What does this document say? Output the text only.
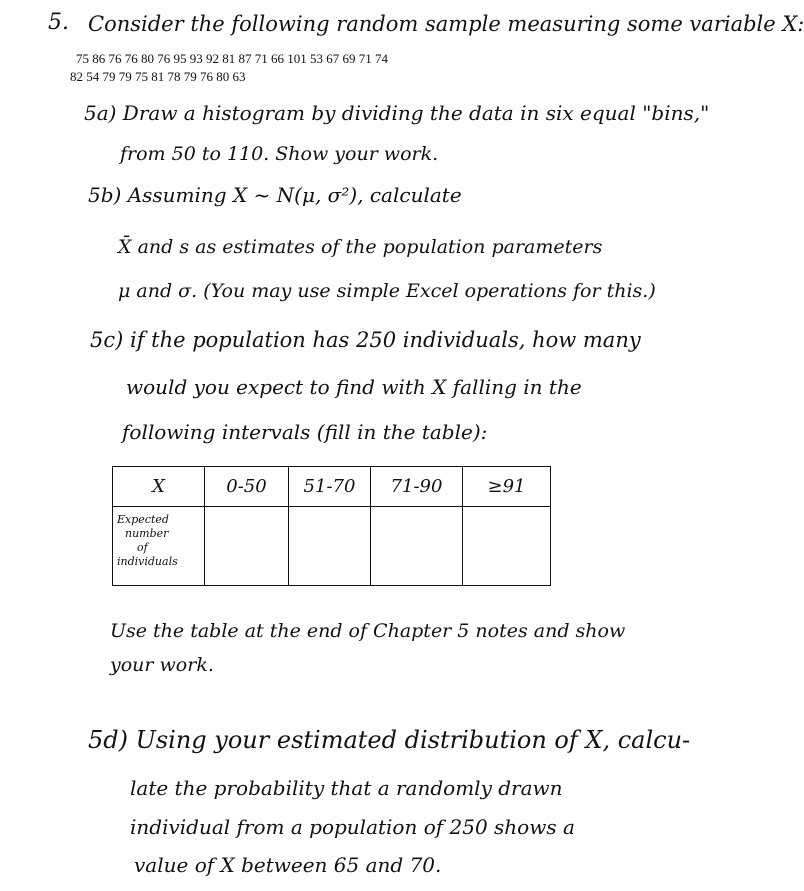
5. Consider the following random sample measuring some variable X:
75 86 76 76 80 76 95 93 92 81 87 71 66 101 53 67 69 71 74
82 54 79 79 75 81 78 79 76 80 63
5a) Draw a histogram by dividing the data in six equal "bins,"
from 50 to 110. Show your work.
5b) Assuming X ~ N(μ, σ²), calculate
X̄ and s as estimates of the population parameters
μ and σ. (You may use simple Excel operations for this.)
5c) if the population has 250 individuals, how many
would you expect to find with X falling in the
following intervals (fill in the table):
X	0-50	51-70	71-90	≥91

Expected
number
of
individuals				

Use the table at the end of Chapter 5 notes and show
your work.
5d) Using your estimated distribution of X, calcu-
late the probability that a randomly drawn
individual from a population of 250 shows a
value of X between 65 and 70.
